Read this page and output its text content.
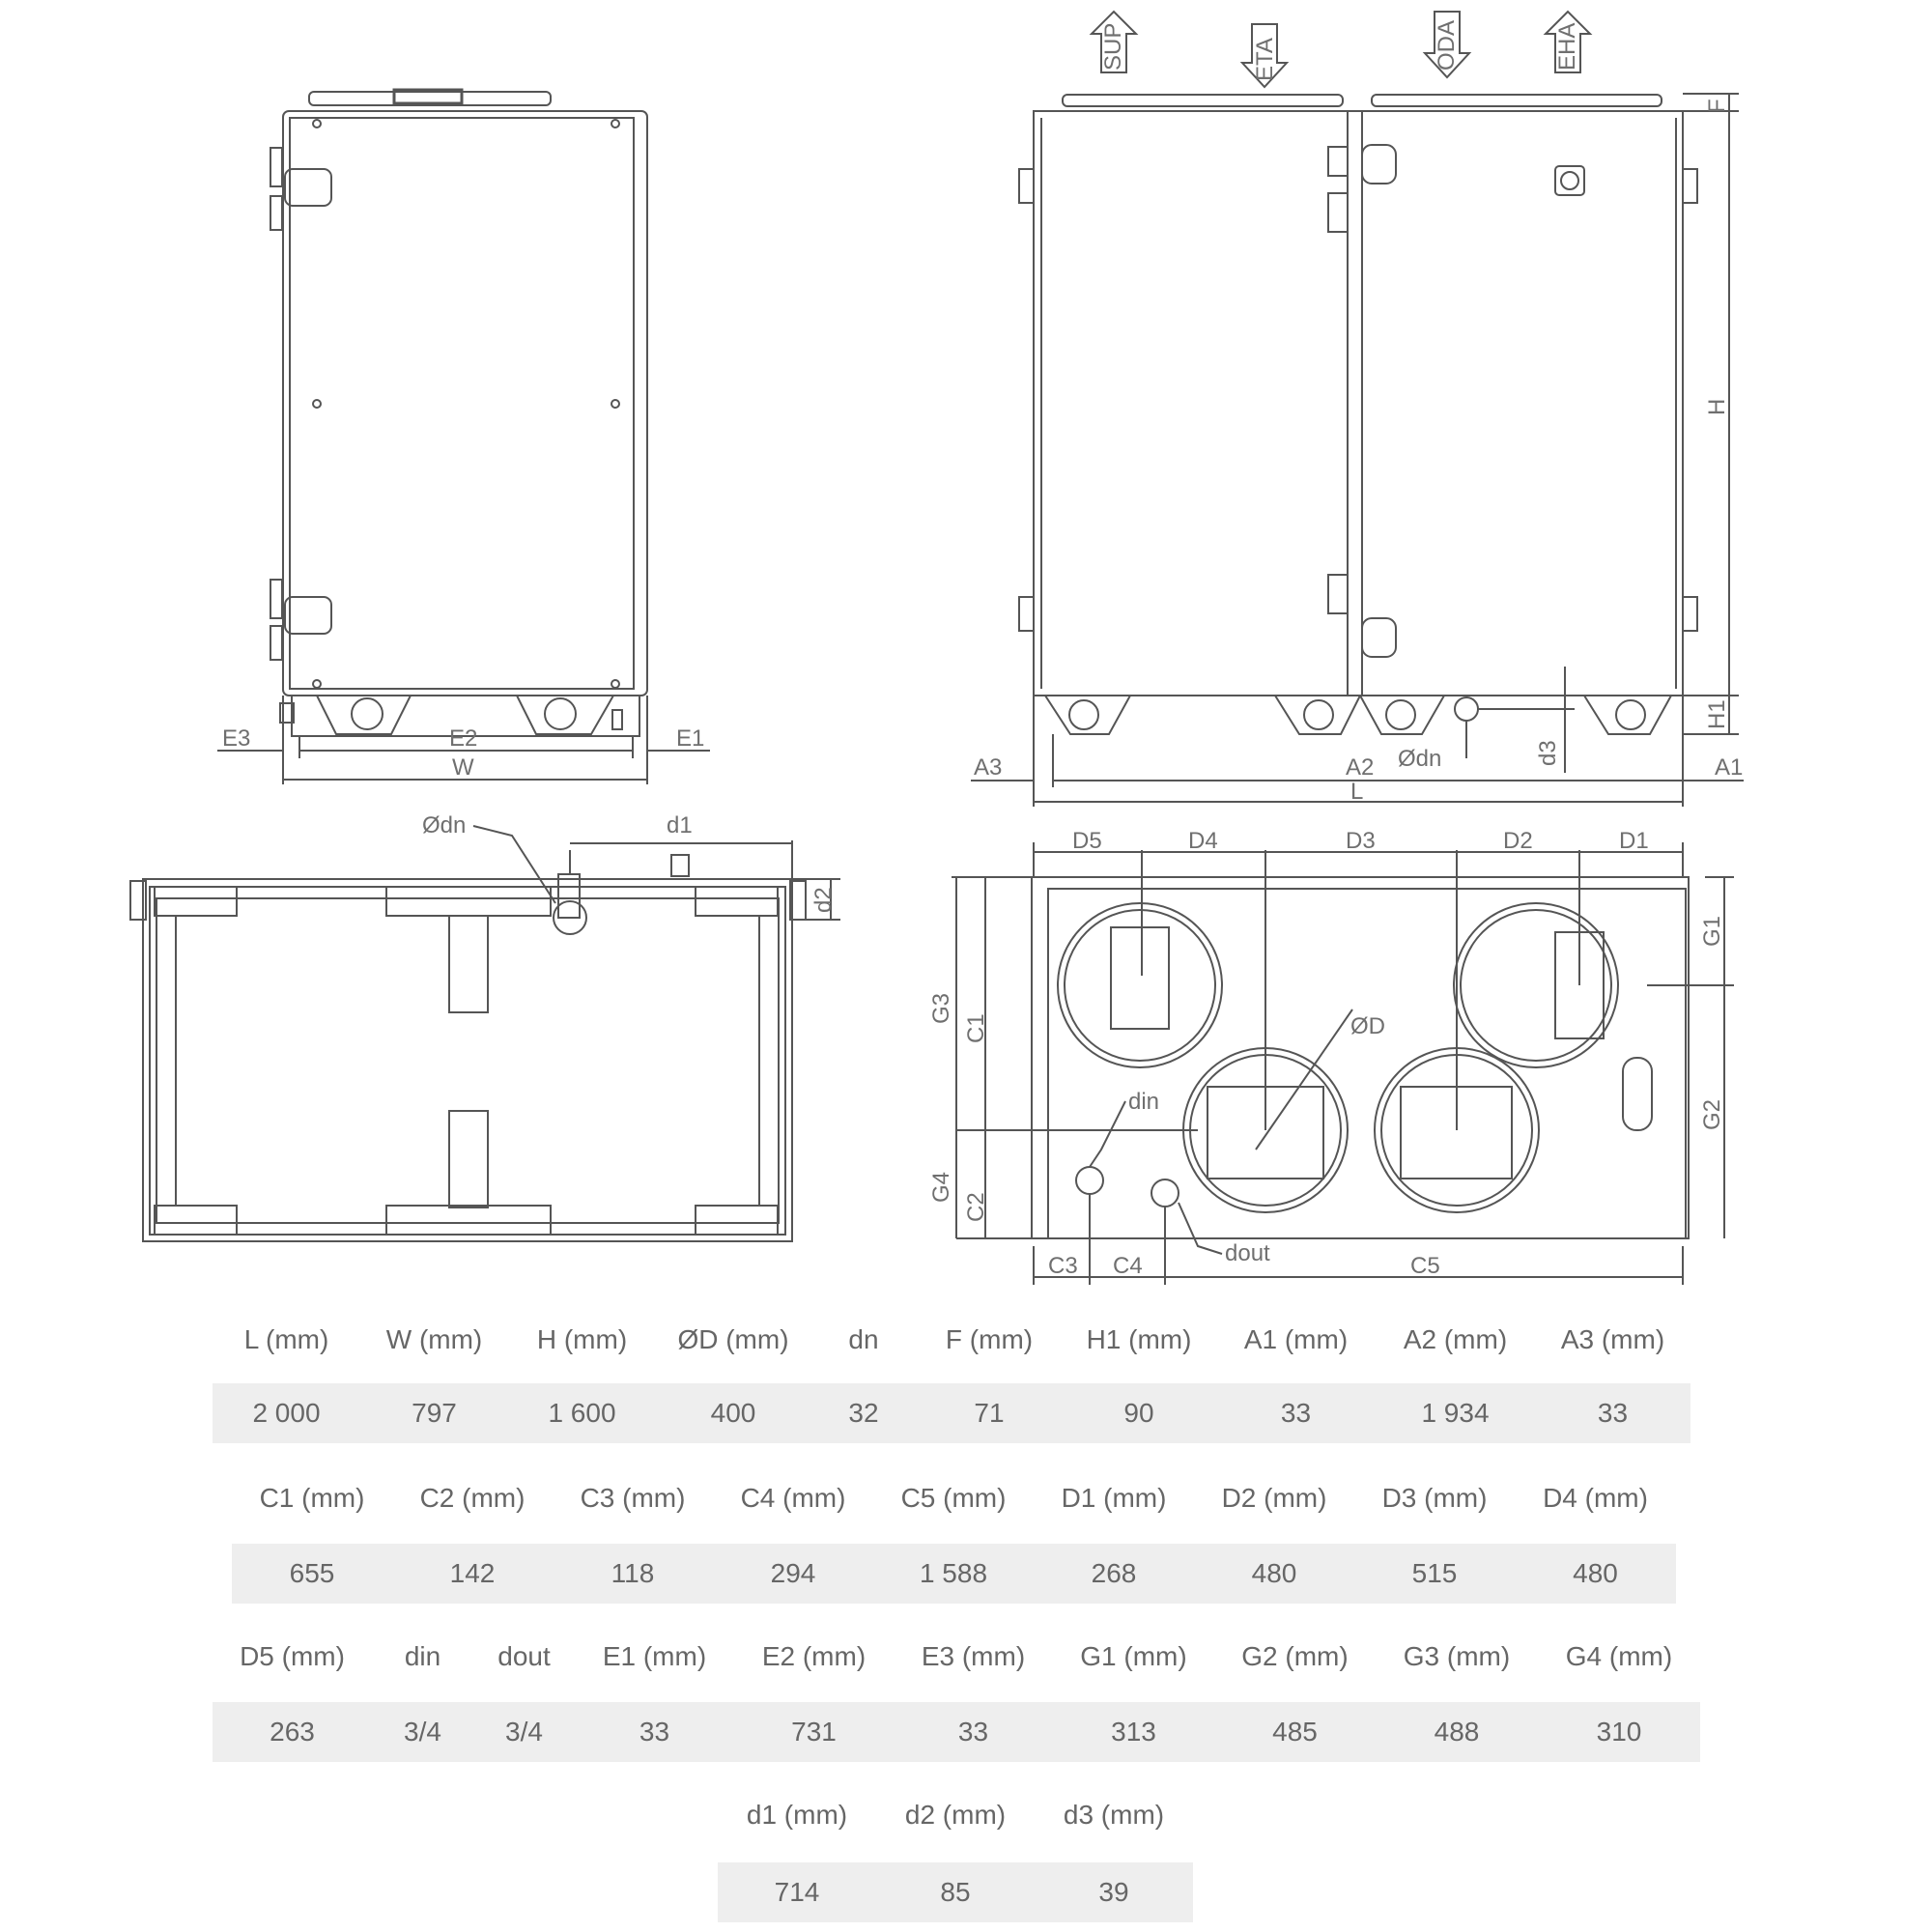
SUP	ETA	ODA	EHA
E3	E2	E1
W
F
H
H1
A3	A2	A1
L
Ødn	d3
Ødn	d1
d2
D5	D4	D3	D2	D1
G1
G2
G3
G4
C1
C2
C3 C4	C5
ØD
din
dout
L (mm)	W (mm)	H (mm)	ØD (mm)	dn	F (mm)	H1 (mm)	A1 (mm)	A2 (mm)	A3 (mm)
2 000	797	1 600	400	32	71	90	33	1 934	33
C1 (mm)	C2 (mm)	C3 (mm)	C4 (mm)	C5 (mm)	D1 (mm)	D2 (mm)	D3 (mm)	D4 (mm)
655	142	118	294	1 588	268	480	515	480
D5 (mm)	din	dout	E1 (mm)	E2 (mm)	E3 (mm)	G1 (mm)	G2 (mm)	G3 (mm)	G4 (mm)
263	3/4	3/4	33	731	33	313	485	488	310
d1 (mm)	d2 (mm)	d3 (mm)
714	85	39
